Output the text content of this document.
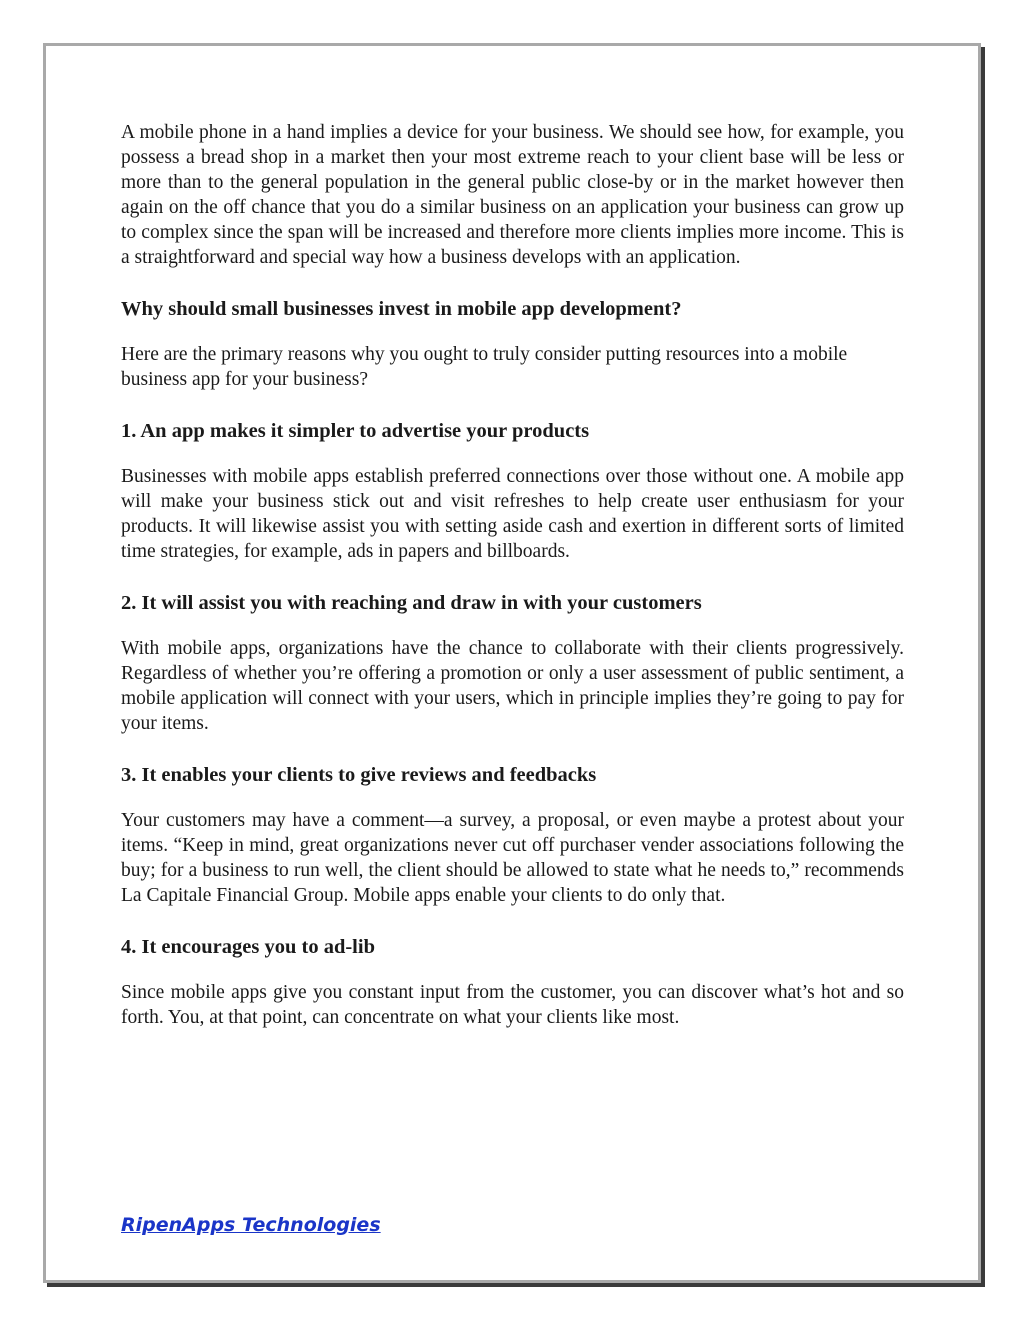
A mobile phone in a hand implies a device for your business. We should see how, for example, you possess a bread shop in a market then your most extreme reach to your client base will be less or more than to the general population in the general public close-by or in the market however then again on the off chance that you do a similar business on an application your business can grow up to complex since the span will be increased and therefore more clients implies more income. This is a straightforward and special way how a business develops with an application.

Why should small businesses invest in mobile app development?

Here are the primary reasons why you ought to truly consider putting resources into a mobile business app for your business?

1. An app makes it simpler to advertise your products

Businesses with mobile apps establish preferred connections over those without one. A mobile app will make your business stick out and visit refreshes to help create user enthusiasm for your products. It will likewise assist you with setting aside cash and exertion in different sorts of limited time strategies, for example, ads in papers and billboards.

2. It will assist you with reaching and draw in with your customers

With mobile apps, organizations have the chance to collaborate with their clients progressively. Regardless of whether you’re offering a promotion or only a user assessment of public sentiment, a mobile application will connect with your users, which in principle implies they’re going to pay for your items.

3. It enables your clients to give reviews and feedbacks

Your customers may have a comment—a survey, a proposal, or even maybe a protest about your items. “Keep in mind, great organizations never cut off purchaser vender associations following the buy; for a business to run well, the client should be allowed to state what he needs to,” recommends La Capitale Financial Group. Mobile apps enable your clients to do only that.

4. It encourages you to ad-lib

Since mobile apps give you constant input from the customer, you can discover what’s hot and so forth. You, at that point, can concentrate on what your clients like most.

RipenApps Technologies
